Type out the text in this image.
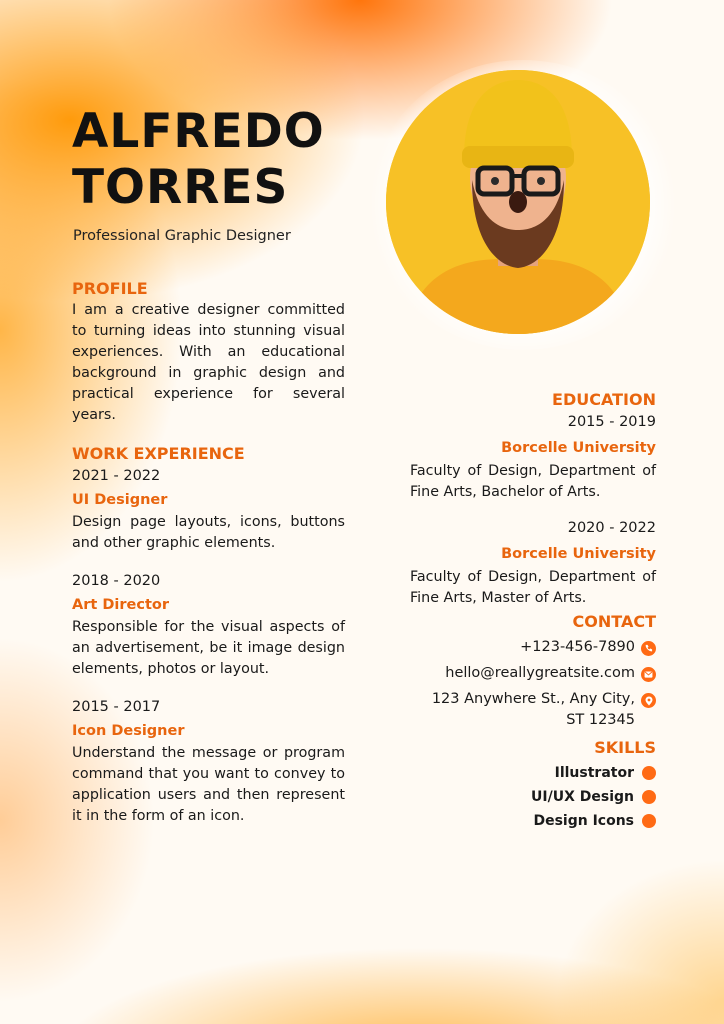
ALFREDO
TORRES
Professional Graphic Designer
PROFILE
I am a creative designer committed to turning ideas into stunning visual experiences. With an educational background in graphic design and practical experience for several years.
WORK EXPERIENCE
2021 - 2022
UI Designer
Design page layouts, icons, buttons and other graphic elements.
2018 - 2020
Art Director
Responsible for the visual aspects of an advertisement, be it image design elements, photos or layout.
2015 - 2017
Icon Designer
Understand the message or program command that you want to convey to application users and then represent it in the form of an icon.
EDUCATION
2015 - 2019
Borcelle University
Faculty of Design, Department of Fine Arts, Bachelor of Arts.
2020 - 2022
Borcelle University
Faculty of Design, Department of Fine Arts, Master of Arts.
CONTACT
+123-456-7890
hello@reallygreatsite.com
123 Anywhere St., Any City,
ST 12345
SKILLS
Illustrator
UI/UX Design
Design Icons
